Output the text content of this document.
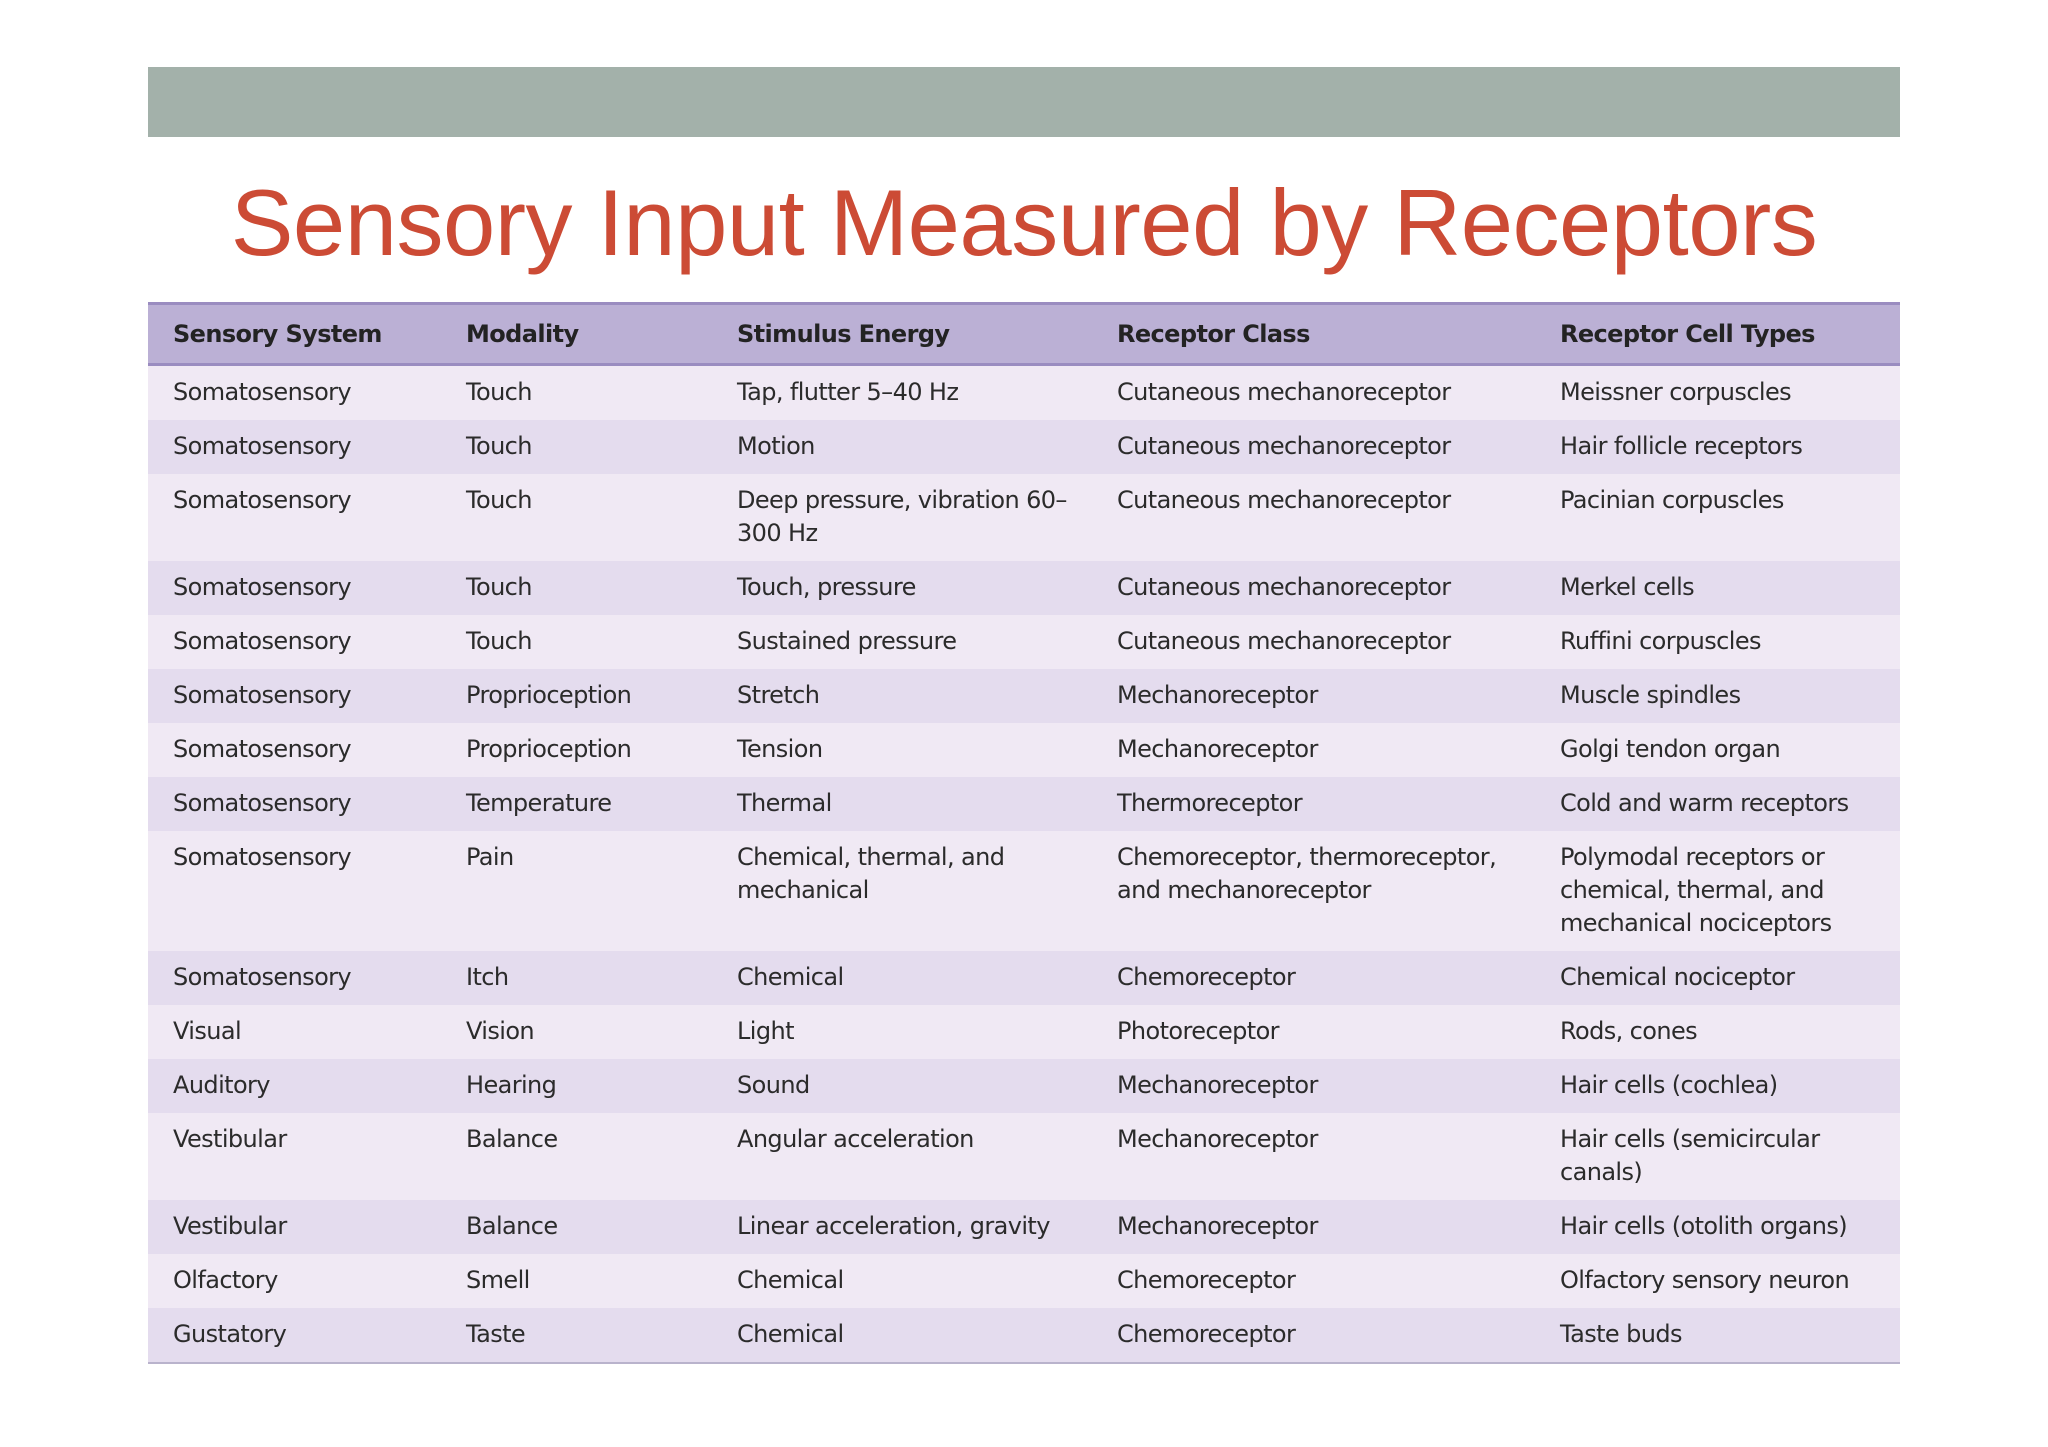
Sensory Input Measured by Receptors
Sensory System	Modality	Stimulus Energy	Receptor Class	Receptor Cell Types
Somatosensory	Touch	Tap, flutter 5–40 Hz	Cutaneous mechanoreceptor	Meissner corpuscles
Somatosensory	Touch	Motion	Cutaneous mechanoreceptor	Hair follicle receptors
Somatosensory	Touch	Deep pressure, vibration 60–300 Hz	Cutaneous mechanoreceptor	Pacinian corpuscles
Somatosensory	Touch	Touch, pressure	Cutaneous mechanoreceptor	Merkel cells
Somatosensory	Touch	Sustained pressure	Cutaneous mechanoreceptor	Ruffini corpuscles
Somatosensory	Proprioception	Stretch	Mechanoreceptor	Muscle spindles
Somatosensory	Proprioception	Tension	Mechanoreceptor	Golgi tendon organ
Somatosensory	Temperature	Thermal	Thermoreceptor	Cold and warm receptors
Somatosensory	Pain	Chemical, thermal, and mechanical	Chemoreceptor, thermoreceptor, and mechanoreceptor	Polymodal receptors or chemical, thermal, and mechanical nociceptors
Somatosensory	Itch	Chemical	Chemoreceptor	Chemical nociceptor
Visual	Vision	Light	Photoreceptor	Rods, cones
Auditory	Hearing	Sound	Mechanoreceptor	Hair cells (cochlea)
Vestibular	Balance	Angular acceleration	Mechanoreceptor	Hair cells (semicircular canals)
Vestibular	Balance	Linear acceleration, gravity	Mechanoreceptor	Hair cells (otolith organs)
Olfactory	Smell	Chemical	Chemoreceptor	Olfactory sensory neuron
Gustatory	Taste	Chemical	Chemoreceptor	Taste buds
